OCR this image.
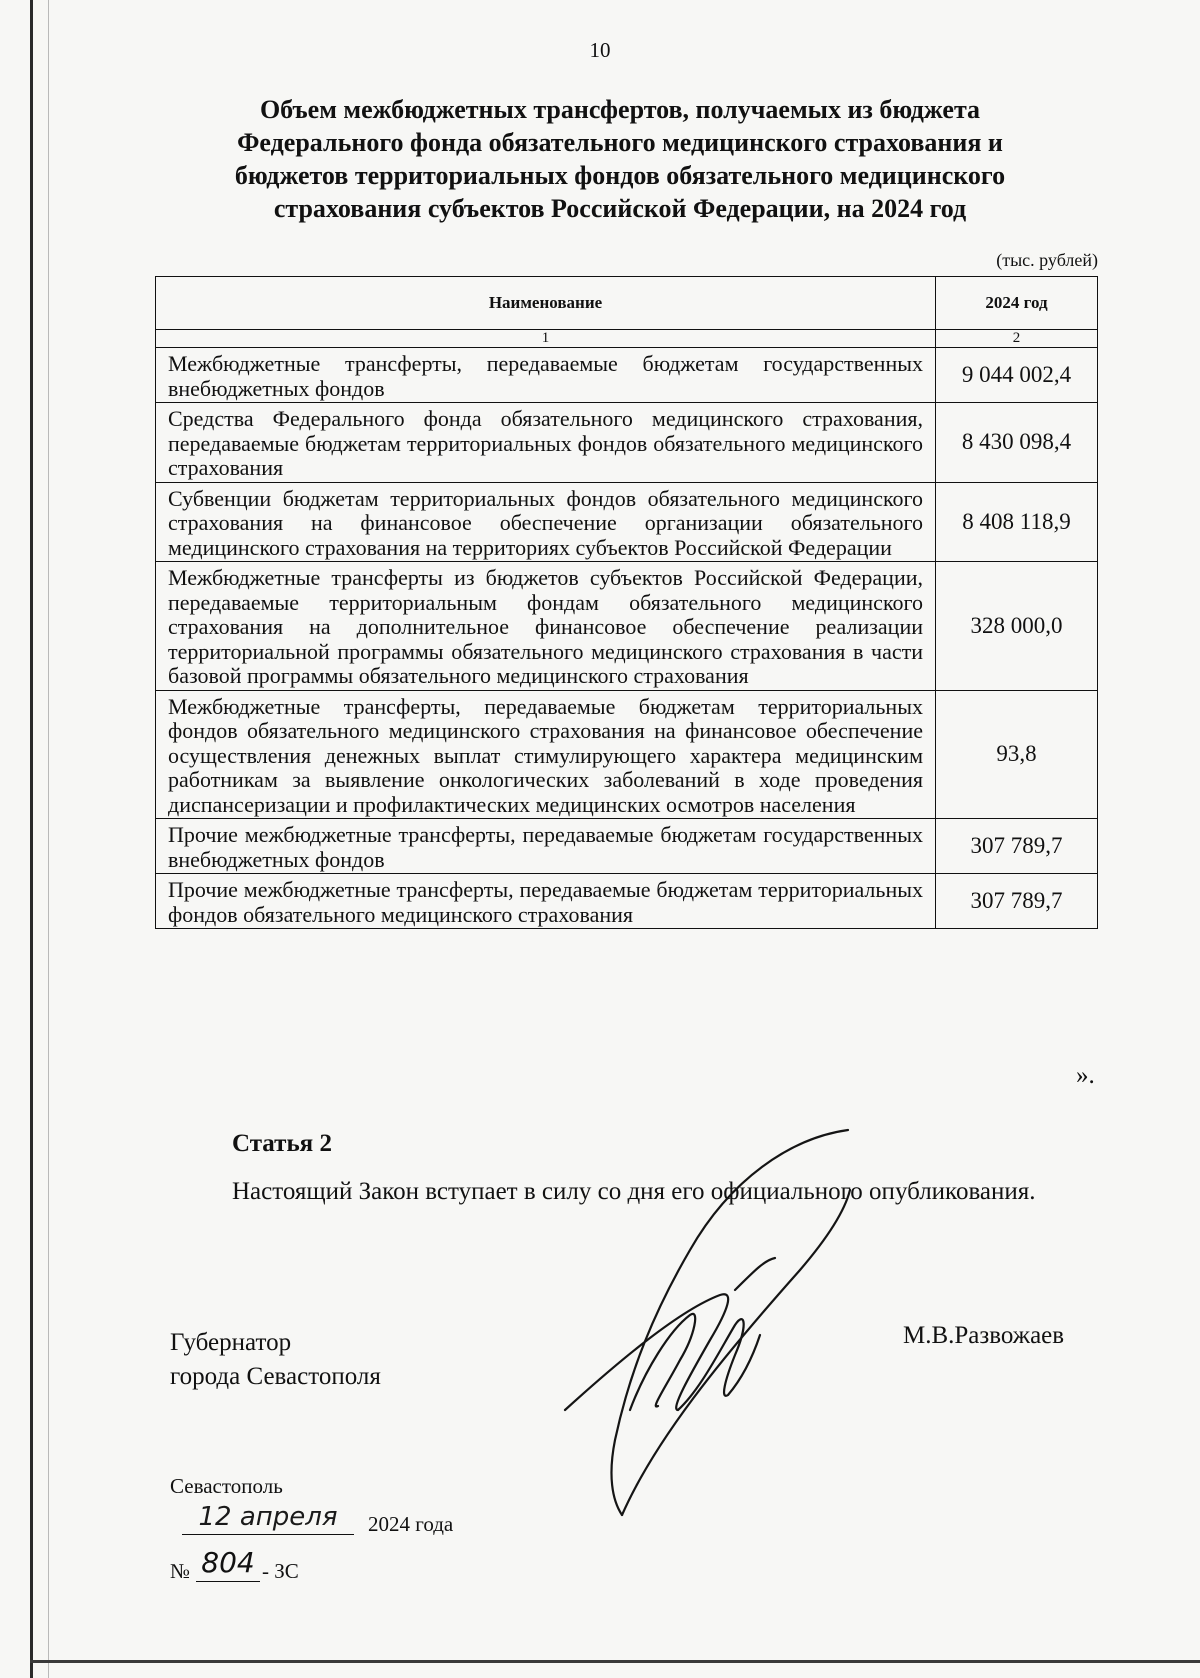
10
Объем межбюджетных трансфертов, получаемых из бюджета
Федерального фонда обязательного медицинского страхования и
бюджетов территориальных фондов обязательного медицинского
страхования субъектов Российской Федерации, на 2024 год
(тыс. рублей)
Наименование	2024 год
1	2
Межбюджетные трансферты, передаваемые бюджетам государственных внебюджетных фондов	9 044 002,4
Средства Федерального фонда обязательного медицинского страхования, передаваемые бюджетам территориальных фондов обязательного медицинского страхования	8 430 098,4
Субвенции бюджетам территориальных фондов обязательного медицинского страхования на финансовое обеспечение организации обязательного медицинского страхования на территориях субъектов Российской Федерации	8 408 118,9
Межбюджетные трансферты из бюджетов субъектов Российской Федерации, передаваемые территориальным фондам обязательного медицинского страхования на дополнительное финансовое обеспечение реализации территориальной программы обязательного медицинского страхования в части базовой программы обязательного медицинского страхования	328 000,0
Межбюджетные трансферты, передаваемые бюджетам территориальных фондов обязательного медицинского страхования на финансовое обеспечение осуществления денежных выплат стимулирующего характера медицинским работникам за выявление онкологических заболеваний в ходе проведения диспансеризации и профилактических медицинских осмотров населения	93,8
Прочие межбюджетные трансферты, передаваемые бюджетам государственных внебюджетных фондов	307 789,7
Прочие межбюджетные трансферты, передаваемые бюджетам территориальных фондов обязательного медицинского страхования	307 789,7
».
Статья 2
Настоящий Закон вступает в силу со дня его официального опубликования.
Губернатор
города Севастополя
М.В.Развожаев
Севастополь
12 апреля	2024 года
№ 804 - ЗС
